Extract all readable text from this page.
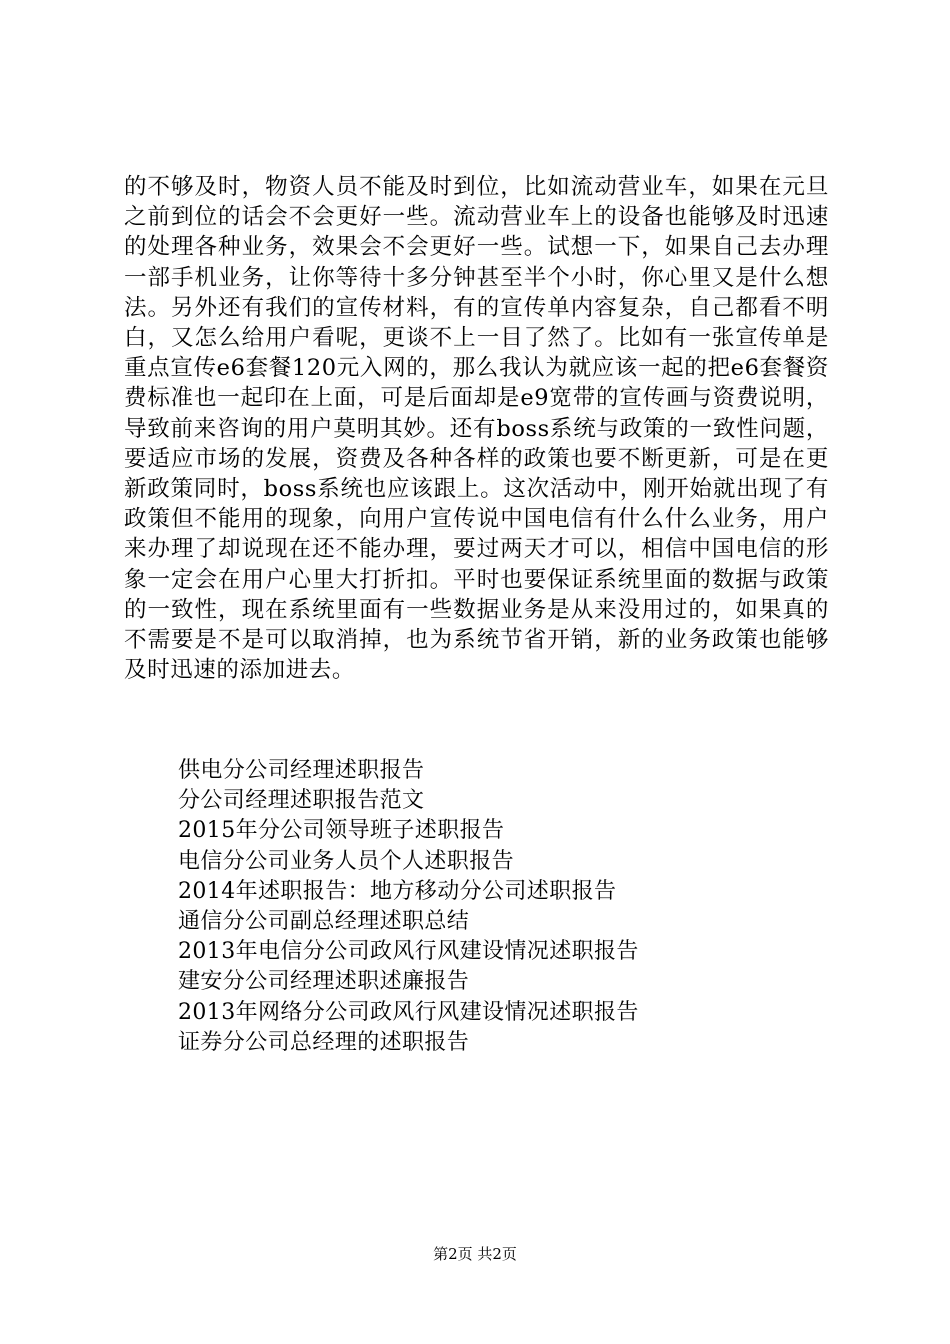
的不够及时，物资人员不能及时到位，比如流动营业车，如果在元旦之前到位的话会不会更好一些。流动营业车上的设备也能够及时迅速的处理各种业务，效果会不会更好一些。试想一下，如果自己去办理一部手机业务，让你等待十多分钟甚至半个小时，你心里又是什么想法。另外还有我们的宣传材料，有的宣传单内容复杂，自己都看不明白，又怎么给用户看呢，更谈不上一目了然了。比如有一张宣传单是重点宣传e6套餐120元入网的，那么我认为就应该一起的把e6套餐资费标准也一起印在上面，可是后面却是e9宽带的宣传画与资费说明，导致前来咨询的用户莫明其妙。还有boss系统与政策的一致性问题，要适应市场的发展，资费及各种各样的政策也要不断更新，可是在更新政策同时，boss系统也应该跟上。这次活动中，刚开始就出现了有政策但不能用的现象，向用户宣传说中国电信有什么什么业务，用户来办理了却说现在还不能办理，要过两天才可以，相信中国电信的形象一定会在用户心里大打折扣。平时也要保证系统里面的数据与政策的一致性，现在系统里面有一些数据业务是从来没用过的，如果真的不需要是不是可以取消掉，也为系统节省开销，新的业务政策也能够及时迅速的添加进去。

供电分公司经理述职报告
分公司经理述职报告范文
2015年分公司领导班子述职报告
电信分公司业务人员个人述职报告
2014年述职报告：地方移动分公司述职报告
通信分公司副总经理述职总结
2013年电信分公司政风行风建设情况述职报告
建安分公司经理述职述廉报告
2013年网络分公司政风行风建设情况述职报告
证券分公司总经理的述职报告
第2页 共2页
